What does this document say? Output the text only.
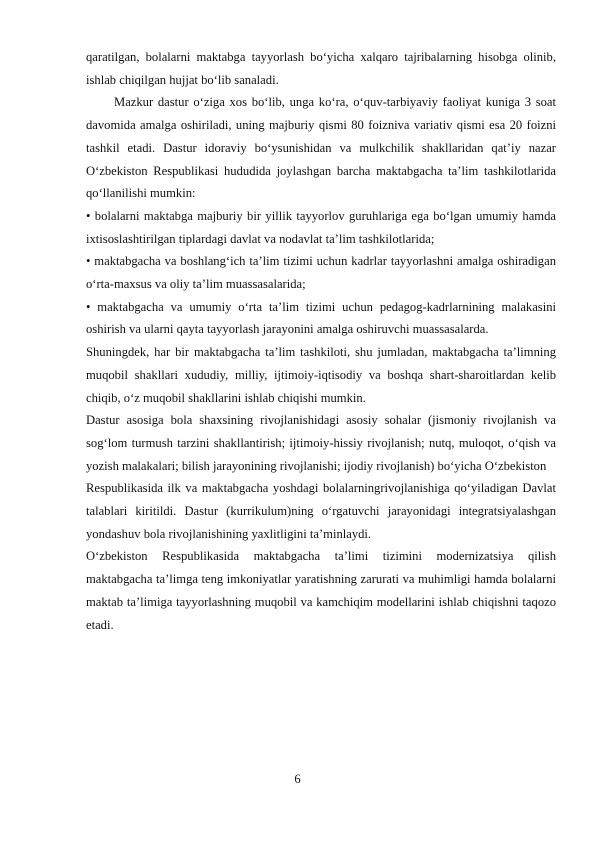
qaratilgan, bolalarni maktabga tayyorlash bo‘yicha xalqaro tajribalarning hisobga olinib, ishlab chiqilgan hujjat bo‘lib sanaladi.

Mazkur dastur o‘ziga xos bo‘lib, unga ko‘ra, o‘quv-tarbiyaviy faoliyat kuniga 3 soat davomida amalga oshiriladi, uning majburiy qismi 80 foizniva variativ qismi esa 20 foizni tashkil etadi. Dastur idoraviy bo‘ysunishidan va mulkchilik shakllaridan qat’iy nazar O‘zbekiston Respublikasi hududida joylashgan barcha maktabgacha ta’lim tashkilotlarida qo‘llanilishi mumkin:

• bolalarni maktabga majburiy bir yillik tayyorlov guruhlariga ega bo‘lgan umumiy hamda ixtisoslashtirilgan tiplardagi davlat va nodavlat ta’lim tashkilotlarida;

• maktabgacha va boshlang‘ich ta’lim tizimi uchun kadrlar tayyorlashni amalga oshiradigan o‘rta-maxsus va oliy ta’lim muassasalarida;

• maktabgacha va umumiy o‘rta ta’lim tizimi uchun pedagog-kadrlarnining malakasini oshirish va ularni qayta tayyorlash jarayonini amalga oshiruvchi muassasalarda.

Shuningdek, har bir maktabgacha ta’lim tashkiloti, shu jumladan, maktabgacha ta’limning muqobil shakllari xududiy, milliy, ijtimoiy-iqtisodiy va boshqa shart-sharoitlardan kelib chiqib, o‘z muqobil shakllarini ishlab chiqishi mumkin.

Dastur asosiga bola shaxsining rivojlanishidagi asosiy sohalar (jismoniy rivojlanish va sog‘lom turmush tarzini shakllantirish; ijtimoiy-hissiy rivojlanish; nutq, muloqot, o‘qish va yozish malakalari; bilish jarayonining rivojlanishi; ijodiy rivojlanish) bo‘yicha O‘zbekiston

Respublikasida ilk va maktabgacha yoshdagi bolalarningrivojlanishiga qo‘yiladigan Davlat talablari kiritildi. Dastur (kurrikulum)ning o‘rgatuvchi jarayonidagi integratsiyalashgan yondashuv bola rivojlanishining yaxlitligini ta’minlaydi.

O‘zbekiston Respublikasida maktabgacha ta’limi tizimini modernizatsiya qilish maktabgacha ta’limga teng imkoniyatlar yaratishning zarurati va muhimligi hamda bolalarni maktab ta’limiga tayyorlashning muqobil va kamchiqim modellarini ishlab chiqishni taqozo etadi.

6
